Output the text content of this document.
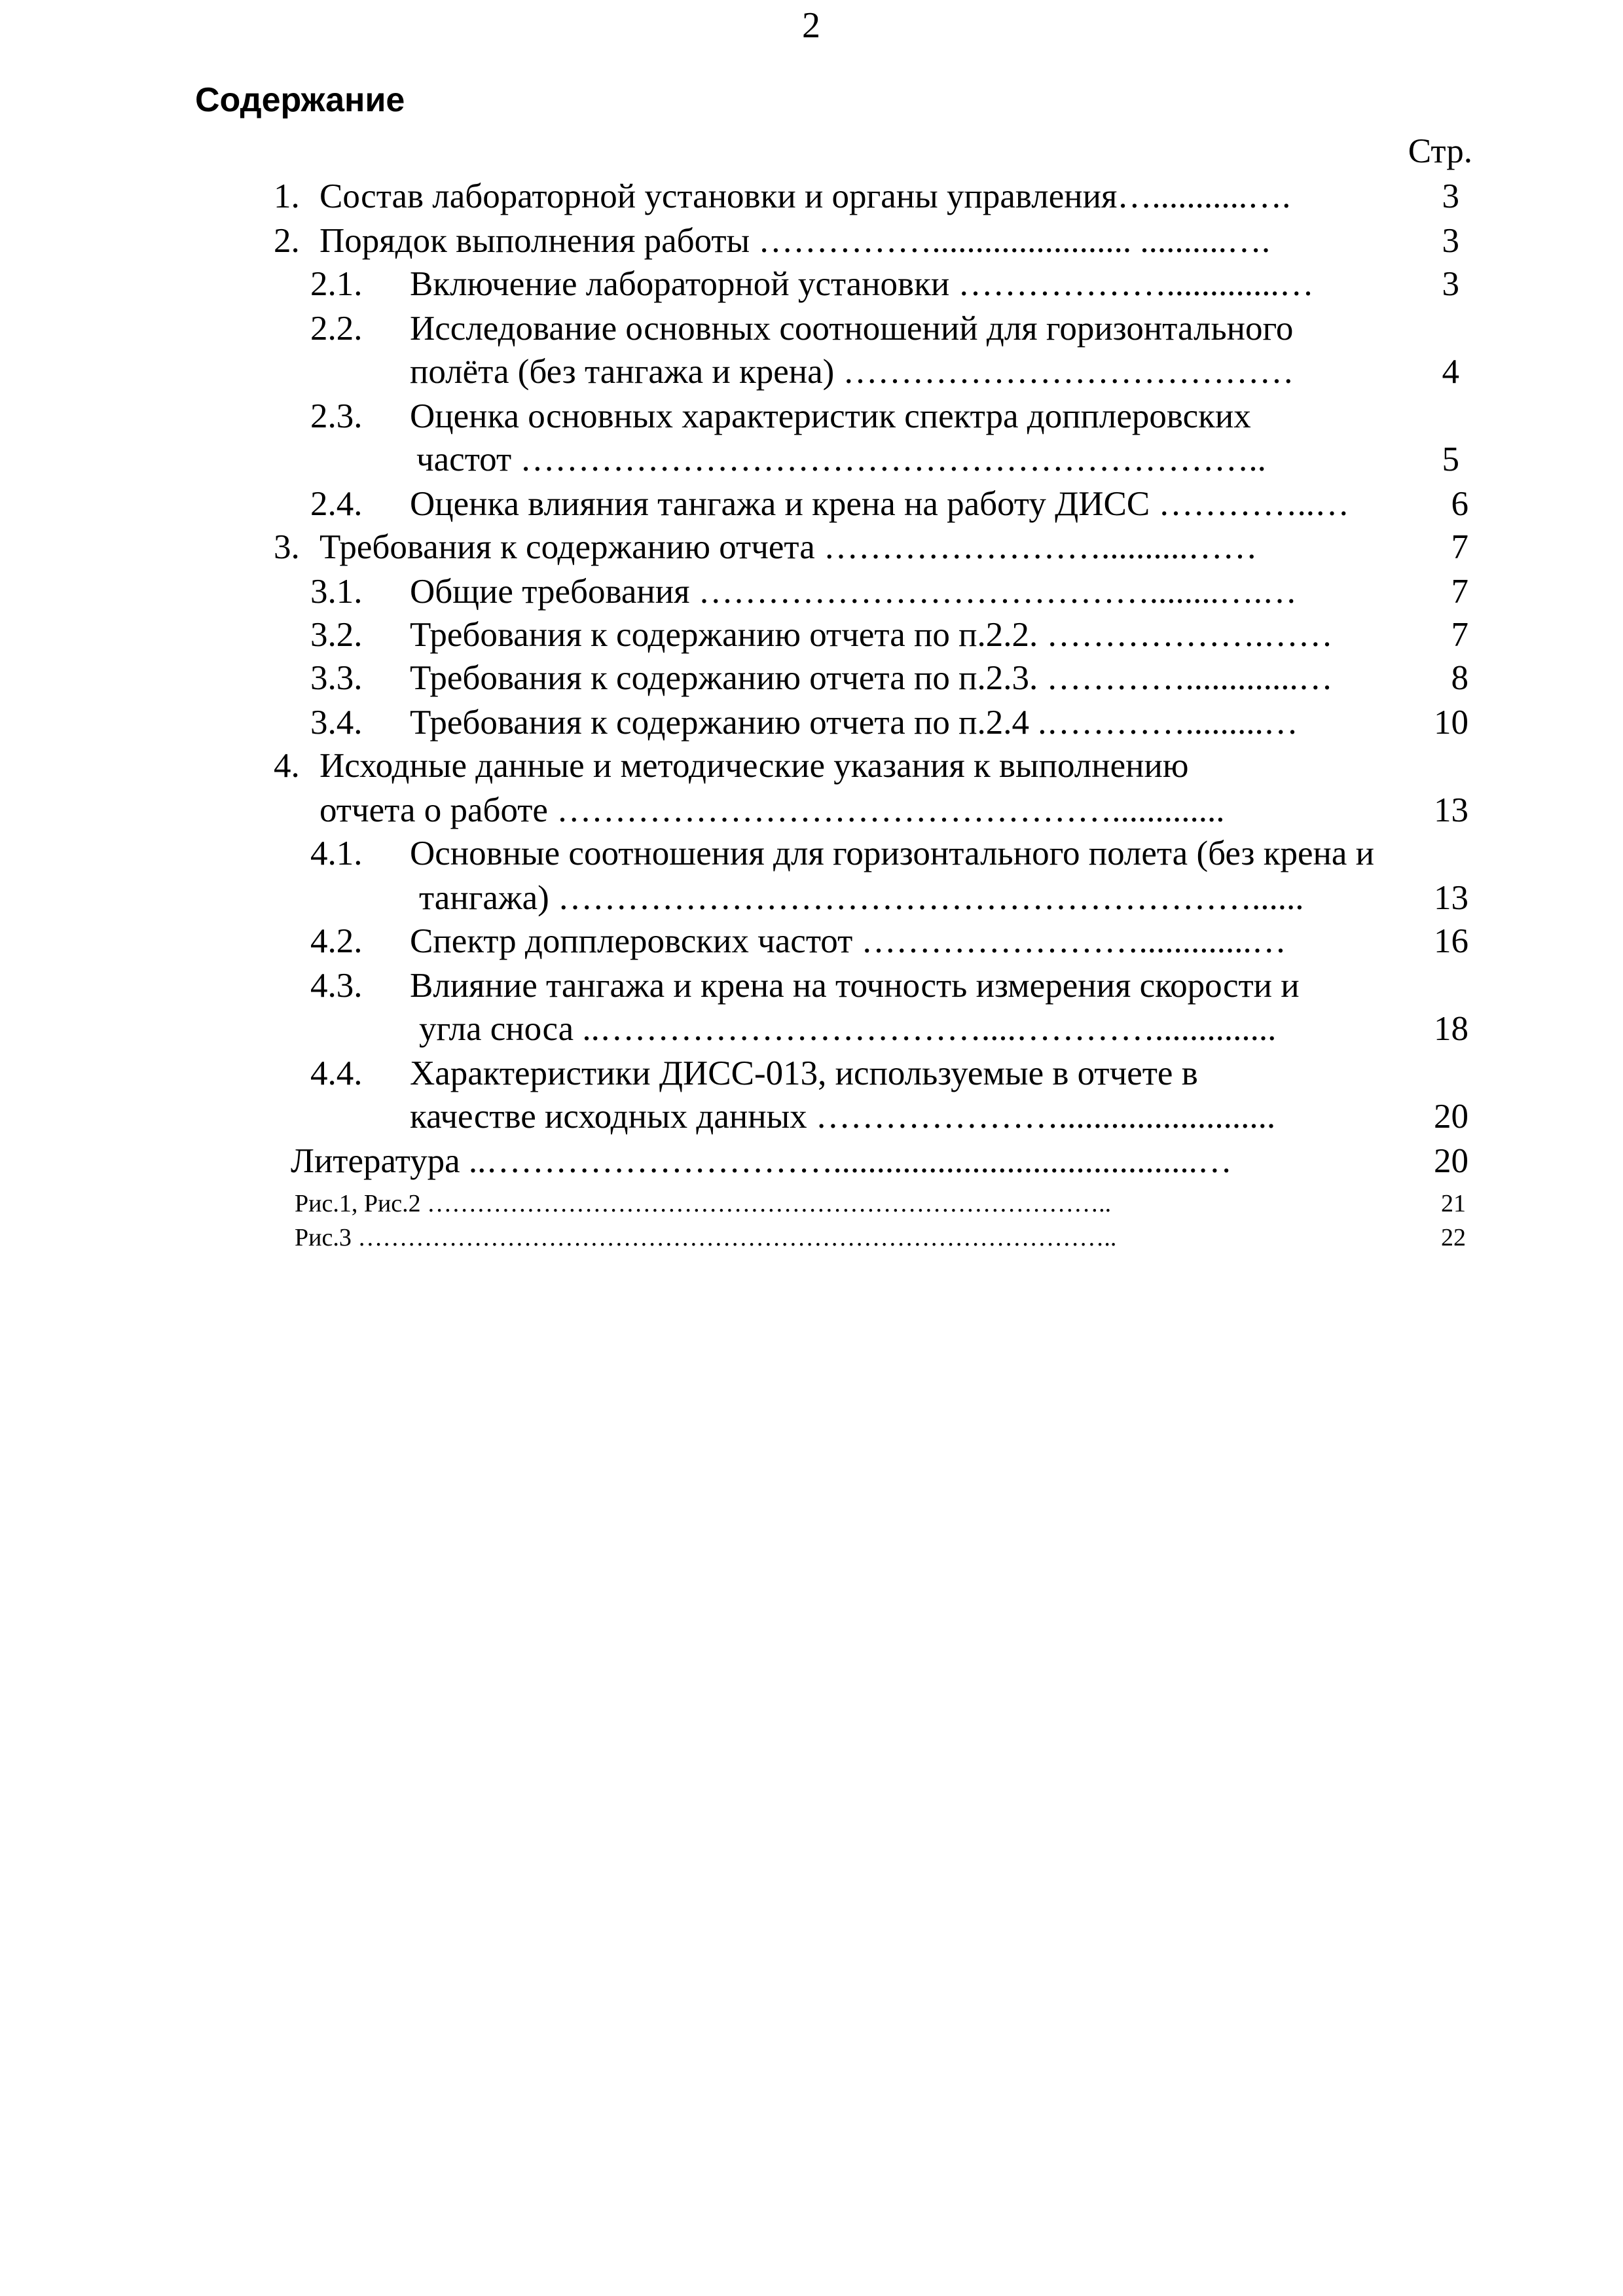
2
Содержание
Стр.
1. Состав лабораторной установки и органы управления…...........….	3
2. Порядок выполнения работы ……………....................... ..........….	3
2.1. Включение лабораторной установки ……………….............…	3
2.2. Исследование основных соотношений для горизонтального
полёта (без тангажа и крена) …………………………………	4
2.3. Оценка основных характеристик спектра допплеровских
частот ………………………………………………………..	5
2.4. Оценка влияния тангажа и крена на работу ДИСС …………..…	6
3. Требования к содержанию отчета ……………………..........……	7
3.1. Общие требования …………………………………........….…	7
3.2. Требования к содержанию отчета по п.2.2. ……………….……	7
3.3. Требования к содержанию отчета по п.2.3. ………….............…	8
3.4. Требования к содержанию отчета по п.2.4 .………….........…	10
4. Исходные данные и методические указания к выполнению
отчета о работе ………………………………………….............	13
4.1. Основные соотношения для горизонтального полета (без крена и
тангажа) ……………………………………………………......	13
4.2. Спектр допплеровских частот …………………….............…	16
4.3. Влияние тангажа и крена на точность измерения скорости и
угла сноса ..……………………………....…………..............	18
4.4. Характеристики ДИСС-013, используемые в отчете в
качестве исходных данных ………………….........................	20
Литература ..…………………………..........................................…	20
Рис.1, Рис.2 ………………………………………………………………………..	21
Рис.3 ………………………………………………………………………………..	22
